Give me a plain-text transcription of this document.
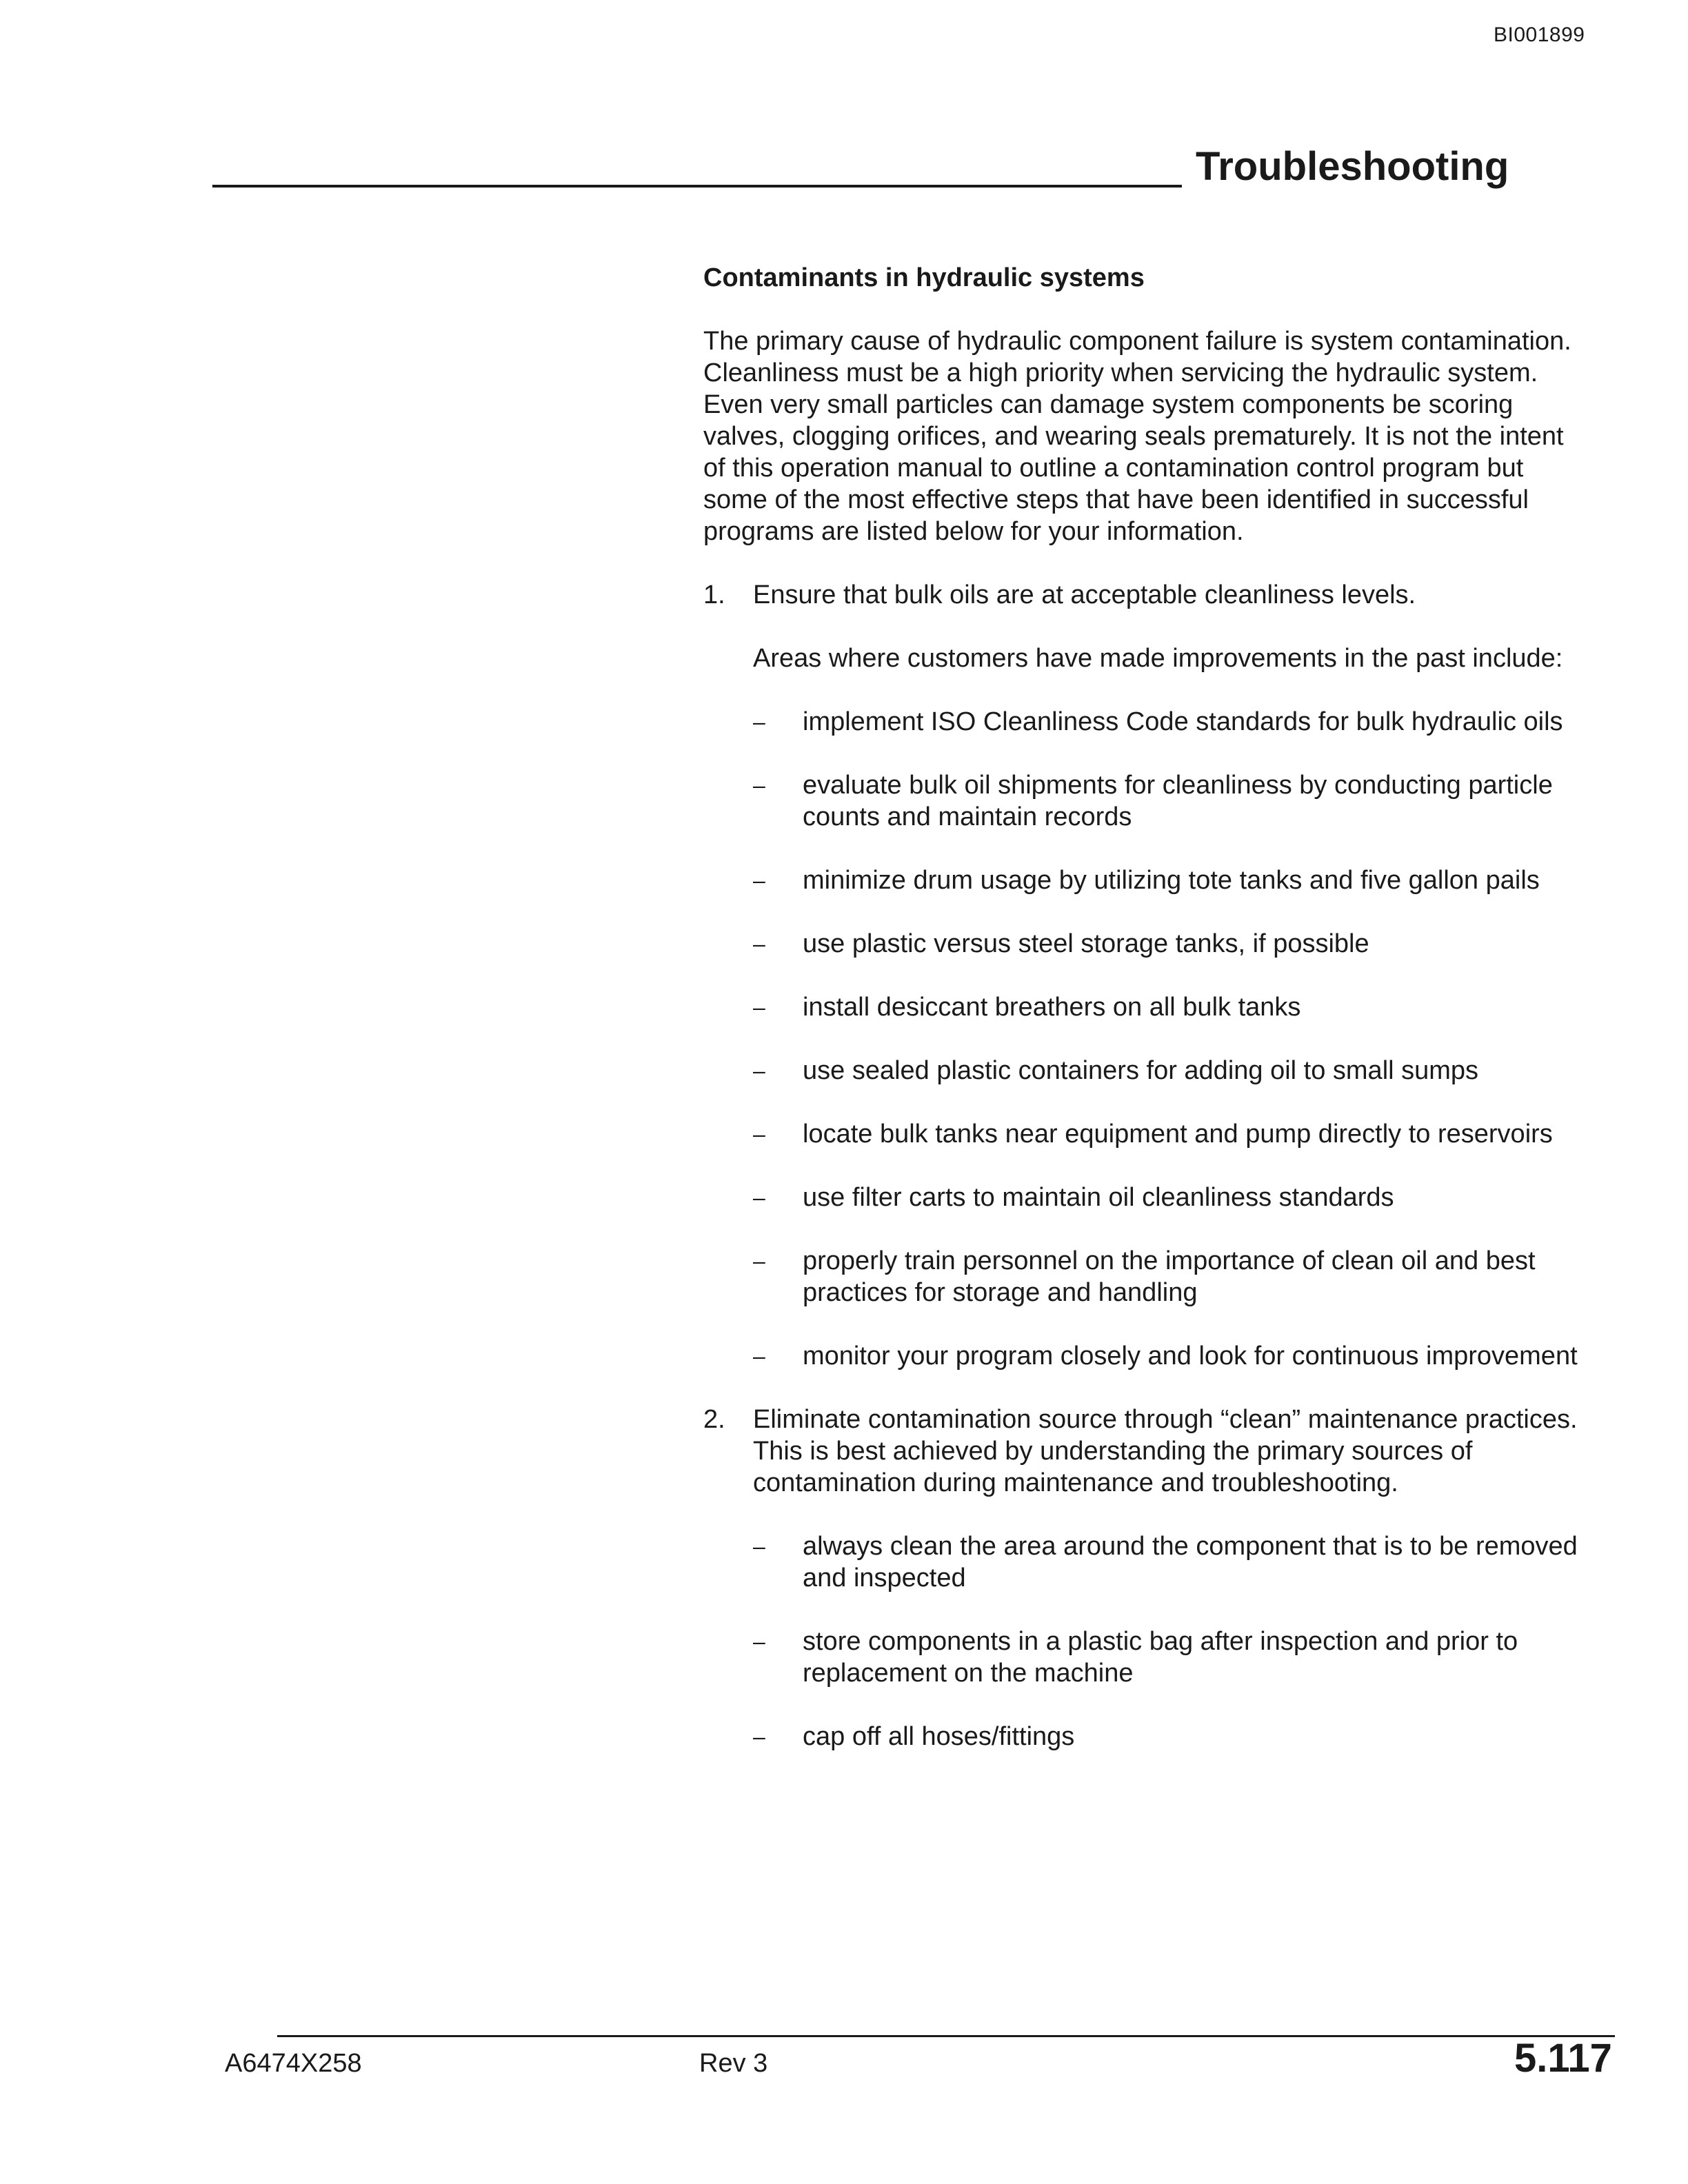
BI001899
Troubleshooting
Contaminants in hydraulic systems
The primary cause of hydraulic component failure is system contamination. Cleanliness must be a high priority when servicing the hydraulic system. Even very small particles can damage system components be scoring valves, clogging orifices, and wearing seals prematurely. It is not the intent of this operation manual to outline a contamination control program but some of the most effective steps that have been identified in successful programs are listed below for your information.
1. Ensure that bulk oils are at acceptable cleanliness levels.
Areas where customers have made improvements in the past include:
– implement ISO Cleanliness Code standards for bulk hydraulic oils
– evaluate bulk oil shipments for cleanliness by conducting particle counts and maintain records
– minimize drum usage by utilizing tote tanks and five gallon pails
– use plastic versus steel storage tanks, if possible
– install desiccant breathers on all bulk tanks
– use sealed plastic containers for adding oil to small sumps
– locate bulk tanks near equipment and pump directly to reservoirs
– use filter carts to maintain oil cleanliness standards
– properly train personnel on the importance of clean oil and best practices for storage and handling
– monitor your program closely and look for continuous improvement
2. Eliminate contamination source through “clean” maintenance practices. This is best achieved by understanding the primary sources of contamination during maintenance and troubleshooting.
– always clean the area around the component that is to be removed and inspected
– store components in a plastic bag after inspection and prior to replacement on the machine
– cap off all hoses/fittings
A6474X258	Rev 3	5.117
